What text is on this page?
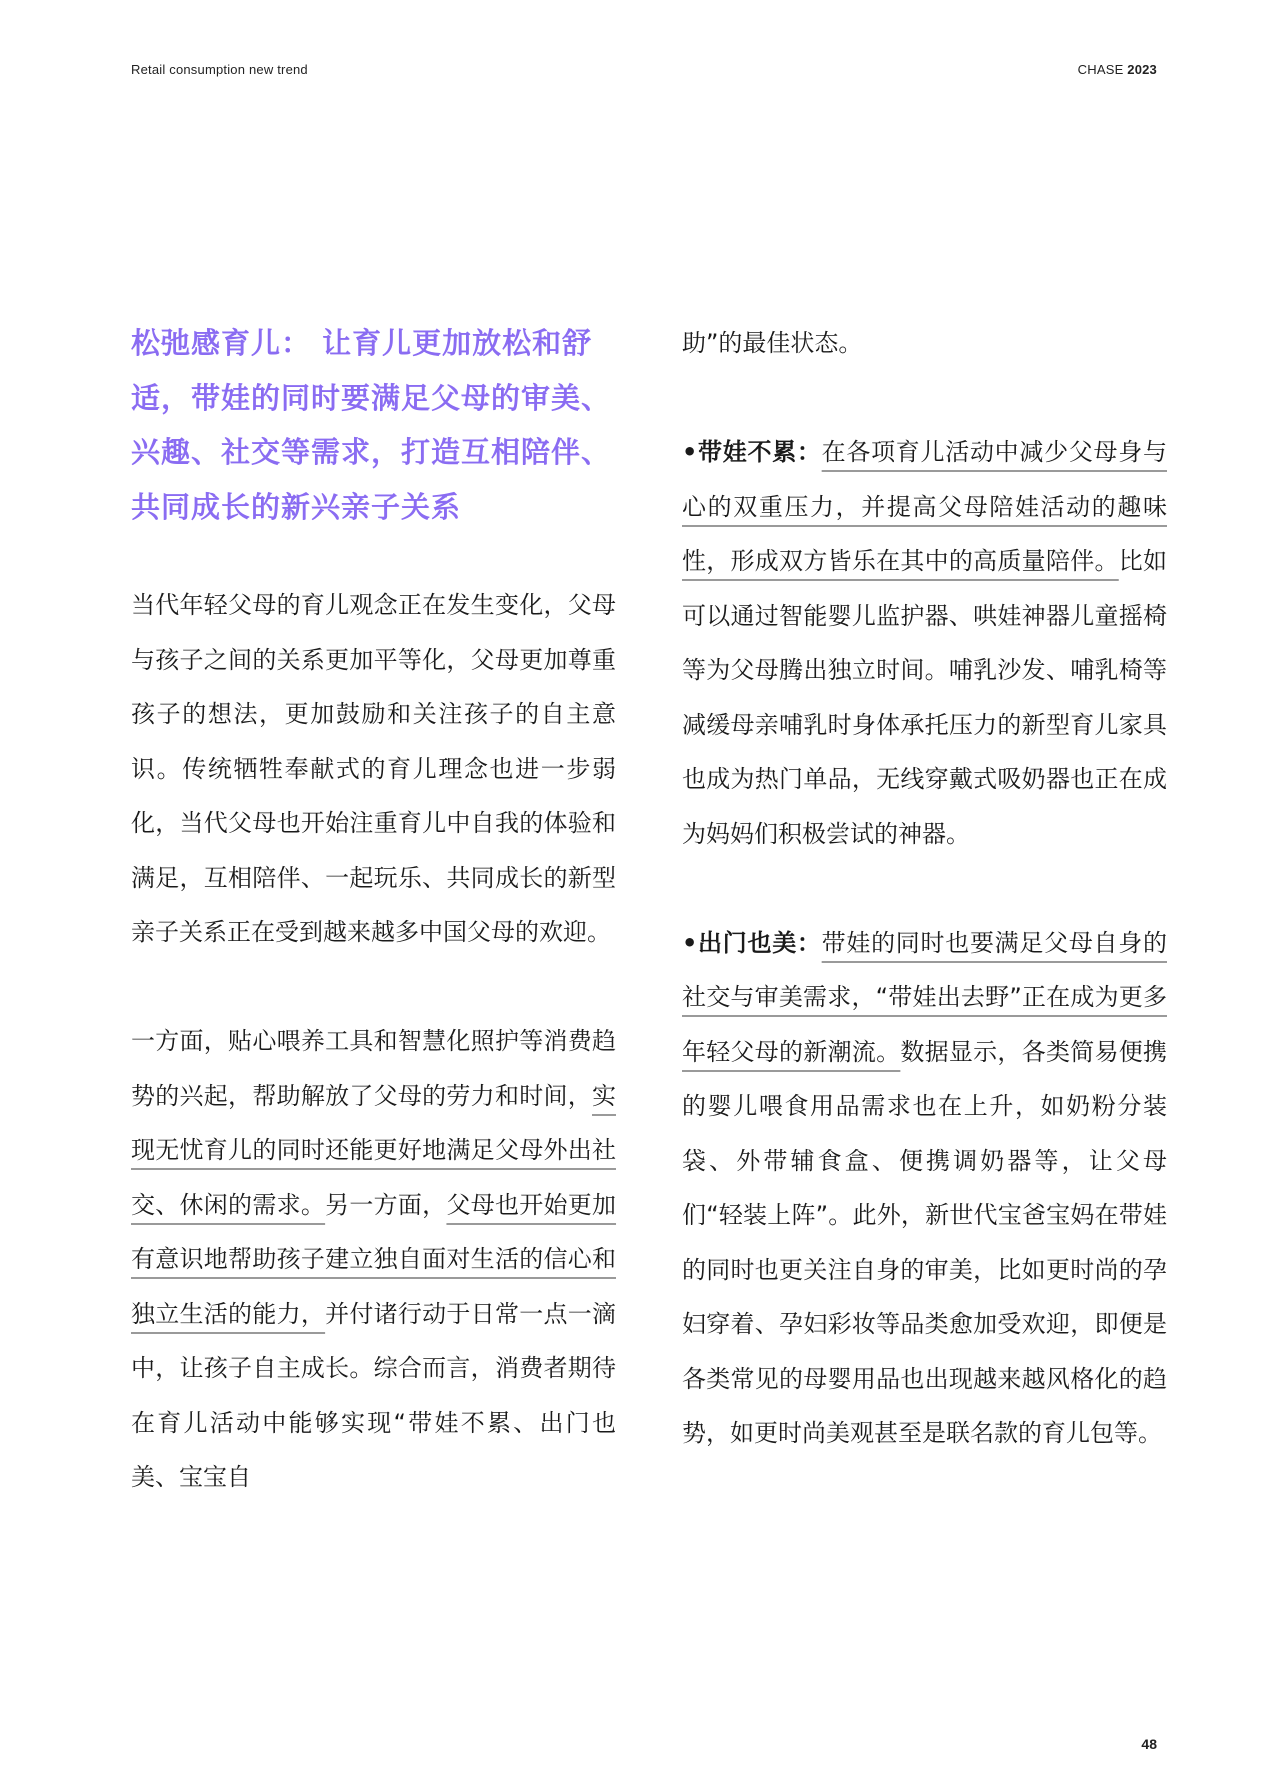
Retail consumption new trend	CHASE 2023
松弛感育儿： 让育儿更加放松和舒适，带娃的同时要满足父母的审美、兴趣、社交等需求，打造互相陪伴、共同成长的新兴亲子关系

当代年轻父母的育儿观念正在发生变化，父母与孩子之间的关系更加平等化，父母更加尊重孩子的想法，更加鼓励和关注孩子的自主意识。传统牺牲奉献式的育儿理念也进一步弱化，当代父母也开始注重育儿中自我的体验和满足，互相陪伴、一起玩乐、共同成长的新型亲子关系正在受到越来越多中国父母的欢迎。

一方面，贴心喂养工具和智慧化照护等消费趋势的兴起，帮助解放了父母的劳力和时间，实现无忧育儿的同时还能更好地满足父母外出社交、休闲的需求。另一方面，父母也开始更加有意识地帮助孩子建立独自面对生活的信心和独立生活的能力，并付诸行动于日常一点一滴中，让孩子自主成长。综合而言，消费者期待在育儿活动中能够实现“带娃不累、出门也美、宝宝自

助”的最佳状态。

•带娃不累：在各项育儿活动中减少父母身与心的双重压力，并提高父母陪娃活动的趣味性，形成双方皆乐在其中的高质量陪伴。比如可以通过智能婴儿监护器、哄娃神器儿童摇椅等为父母腾出独立时间。哺乳沙发、哺乳椅等减缓母亲哺乳时身体承托压力的新型育儿家具也成为热门单品，无线穿戴式吸奶器也正在成为妈妈们积极尝试的神器。

•出门也美：带娃的同时也要满足父母自身的社交与审美需求，“带娃出去野”正在成为更多年轻父母的新潮流。数据显示，各类简易便携的婴儿喂食用品需求也在上升，如奶粉分装袋、外带辅食盒、便携调奶器等，让父母们“轻装上阵”。此外，新世代宝爸宝妈在带娃的同时也更关注自身的审美，比如更时尚的孕妇穿着、孕妇彩妆等品类愈加受欢迎，即便是各类常见的母婴用品也出现越来越风格化的趋势，如更时尚美观甚至是联名款的育儿包等。

48
